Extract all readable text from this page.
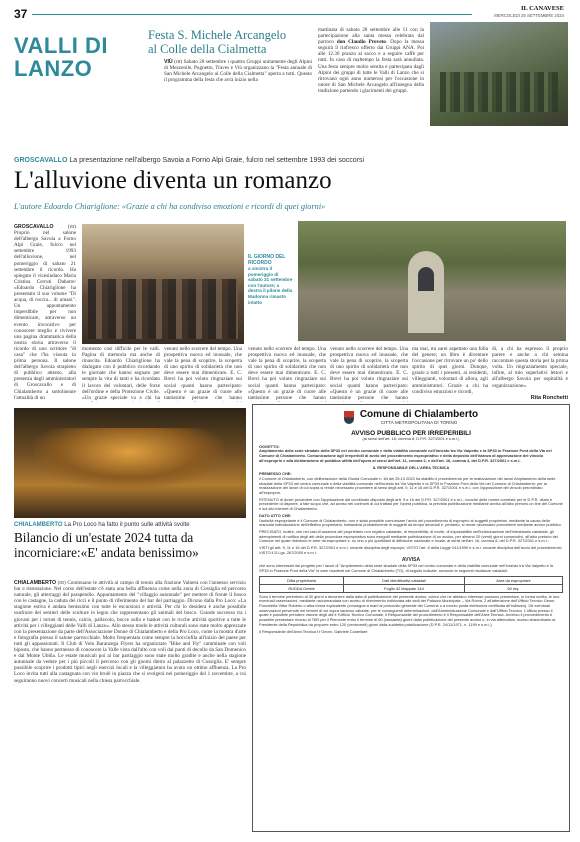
37	IL CANAVESE
MERCOLEDÌ 25 SETTEMBRE 2024
VALLI DI LANZO
Festa S. Michele Arcangelo
al Colle della Cialmetta
VIÙ (rtt) Sabato 28 settembre i quattro Gruppi unitamente degli Alpini di Mezzenile, Pugnetto, Traves e Viù organizzano la "Festa annuale di San Michele Arcangelo al Colle della Cialmetta" aperta a tutti. Questo il programma della festa che avrà inizio nella
mattinata di sabato 28 settembre alle 11 con la partecipazione alla santa messa celebrata dal parroco don Claudio Proveto. Dopo la messa seguirà il rinfresco offerto dai Gruppi ANA. Poi alle 12.30 pranzo al sacco e a seguire caffè per tutti. In caso di maltempo la festa sarà annullata. Una festa sempre molto sentita e partecipata dagli Alpini dei gruppi di tutte le Valli di Lanzo che si ritrovano ogni anno numerosi per l'occasione in onore di San Michele Arcangelo all'insegna della tradizione partendo i giacimenti dei gruppi.
GROSCAVALLO La presentazione nell'albergo Savoia a Forno Alpi Graie, fulcro nel settembre 1993 dei soccorsi
L'alluvione diventa un romanzo
L'autore Edoardo Chiariglione: «Grazie a chi ha condiviso emozioni e ricordi di quei giorni»
GROSCAVALLO	(rtt) Proprio nel salone dell'albergo Savoia a Forno Alpi Graie, fulcro nel settembre 1993 dell'alluvione, nel pomeriggio di sabato 21 settembre il ricordo. Ha spiegato il vicesindaco Maria Cristina Cerruti Dabarre: «Edoardo Chiariglione ha presentato il suo volume "Di acqua, di roccia... di umani". Un appuntamento imperdibile per non dimenticare, attraverso un evento invocativo per conoscere meglio e rivivere una pagina drammatica della nostra storia attraverso il ricordo di uno scrittore "di casa" che l'ha vissuta in prima persona. Il salone dell'albergo Savoia strapieno di pubblico attento, alla presenza degli amministratori di Groscavallo e di Chialamberto a sottolineare l'attualità di un
momento così difficile per le valli. Pagina di memoria ma anche di rinascita. Edoardo Chiariglione ha dialogato con il pubblico ricordando le giornate che hanno segnato per sempre la vita di tanti e ha ricordato il lavoro dei volontari, delle forze dell'ordine e della Protezione Civile. «Un grazie speciale va a chi ha
venuto nello scorrere del tempo. Una prospettiva nuova ed inusuale, che vale la pena di scoprire, la scoperta di uno spirito di solidarietà che non deve essere mai dimenticato. E. C. Brevi ha poi voluto ringraziare sui social quanti hanno partecipato: «Questo è un grazie di cuore alle tantissime persone che hanno
IL GIORNO DEL RICORDO
a sinistra il pomeriggio di sabato 21 settembre con l'autore; a destra il pilone della Madonna rimasto intatto
venuto nello scorrere del tempo. Una prospettiva nuova ed inusuale, che vale la pena di scoprire, la scoperta di uno spirito di solidarietà che non deve essere mai dimenticato. E. C. Brevi ha poi voluto ringraziare sui social quanti hanno partecipato: «Questo è un grazie di cuore alle tantissime persone che hanno
venuto nello scorrere del tempo. Una prospettiva nuova ed inusuale, che vale la pena di scoprire, la scoperta di uno spirito di solidarietà che non deve essere mai dimenticato. E. C. Brevi ha poi voluto ringraziare sui social quanti hanno partecipato: «Questo è un grazie di cuore alle tantissime persone che hanno
ma mai, mi sarei aspettato una folla del genere; un libro è diventare l'occasione per ritrovare un po' dello spirito di quei giorni. Dunque, grazie a tutti i presenti, ai residenti, villeggianti, volontari di allora, agli amministratori. Grazie a chi ha condiviso emozioni e ricordi,
di, a chi ha espresso il proprio parere e anche a chi semina raccontare questa storia per la prima volta. Un ringraziamento speciale, infine, al mio superlativi lettori e all'albergo Savoia per ospitalità e organizzazione».
Rita Ronchetti
CHIALAMBERTO La Pro Loco ha fatto il punto sulle attività svolte
Bilancio di un'estate 2024 tutta da incorniciare:«E' andata benissimo»
CHIALAMBERTO (rtt) Continuano le attività al campo di tennis alla frazione Valnera con l'annesso servizio bar e ristorazione. Nel corso dell'estate c'è stata una bella affluenza come nella zona di Cossiglia ed percorso naturale, gli atterraggi del parapendio. Appuntamento del "villaggio autunnale" per mettere di fronte il bosco con le castagne, la caduta dei ricci e il punto di riferimento del bar del partiaggio. Dicono dalla Pro Loco: «La stagione estiva è andata benissimo con tutte le escursioni e attività. Per chi lo desidera è anche possibile usufruire dei sentieri delle sculture in legno che rappresentano gli animali del bosco. Grande successo tra i giovani per i tornei di tennis, calcio, pallavolo, bocce sullo e basket con le ricche attività sportive a tutte le attività per i villeggianti delle Valli di Lanzo». Allo stesso modo le attività culturali sono state molto apprezzate con la presentazione da parte dell'Associazione Donne di Chialamberto e della Pro Loco, come la mostra d'arte e fotografia presso il salone parrocchiale. Molto frequentata come sempre la bocciofila all'inizio del paese per tutti gli appassionati. Il Club di Volo Baranzega Flyers ha organizzato "Bike and Fly" camminate con voli biposto, che hanno permesso di conoscere la Valle vista dall'alto con voli dai punti di decollo da San Domenico e dal Monte Ubiña. Le estate musicali poi al bar partiaggio sono state molto gradite e anche nella stagione autunnale da vedere per i più piccoli il percorso con gli gnomi dietro al palazzetto di Cossiglia. E' sempre possibile scoprire i prodotti tipici negli esercizi locali e la villeggiatura ha avuto un ottimo affluenza. La Pro Loco invita tutti alla castagnata con vin brulè in piazza che si svolgerà nei pomeriggio del 1 novembre, a cui seguiranno nuovi concerti musicali nella chiesa parrocchiale.
Comune di Chialamberto
CITTÀ METROPOLITANA DI TORINO
AVVISO PUBBLICO PER IRREPERIBILI
(ai sensi dell'art. 16, comma 8, D.P.R. 327/2001 e s.m.i.)
OGGETTO:
Ampliamento della sede stradale della SP33 nel centro comunale e della viabilità comunale nell'innesto tra Via Valpetto e la SP33 in Frazione Pont della Via nel Comune di Chialamberto. Comunicazione agli irreperibili di avvio del procedimento espropriativo e della deposito dell'istanza di approvazione del vincolo all'esproprio e alla dichiarazione di pubblica utilità dell'opera ai sensi dell'art. 11, comma 2, e dell'art. 16, comma 4, del D.P.R. 327/2001 e s.m.i.
IL RESPONSABILE DELL'AREA TECNICA
PREMESSO CHE:
il Comune di Chialamberto, con deliberazione della Giunta Comunale n. 64 del 25.10.2023 ha stabilito il procedimento per la realizzazione dei lavori Ampliamento della sede stradale della SP33 nel centro comunale e della viabilità comunale nell'innesto tra Via Valpetto e la SP33 in Frazione Pont della Via nel Comune di Chialamberto; per la realizzazione dei lavori di cui sopra si rende necessario procedere ai sensi degli artt. 9, 11 e 16 del D.P.R. 327/2001 e s.m.i. con l'apposizione del vincolo preordinato all'esproprio.
RITENUTO di dover procedere con l'applicazione del combinato disposto degli artt. 9 e 16 del D.P.R. 327/2001 e s.m.i., nonché delle norme correlate per le D.P.R. citato e precedente di disporre, a tale scopo che, ad avviso nei confronti di cui trattasi per l'opera pubblica, la prevista pubblicazione mediante avviso all'albo pretorio on line del Comune e sul sito internet di Chialamberto.
DATO ATTO CHE:
l'autorità espropriante è il Comune di Chialamberto; non è stato possibile comunicare l'avvio del procedimento di esproprio ai soggetti proprietari, mediante la causa della mancata individuazione dell'effettivo proprietario, trattandosi probabilmente di soggetti da tempo deceduti e, pertanto, si rende necessario provvedere mediante avviso pubblico.
PRECISATO, inoltre, che nei casi di assenza del proprietario non registro catastale, di irreperibilità, di morte, di impossibilità nell'individuazione dell'intestatario catastale, gli adempimenti di notifica degli atti della procedura espropriativa sono eseguiti mediante pubblicazione di un avviso, per almeno 20 (venti) giorni consecutivi, all'albo pretorio del Comune nel quale risiedono le aree da espropriare e, su uno o più quotidiani di diffusione nazionale e locale, ai sensi dell'art. 16, comma 8, del D.P.R. 327/2001 e s.m.i.;
VISTI gli artt. 9, 11 e 16 del D.P.R. 327/2001 e s.m.i. recante disciplina degli espropri; VISTO l'art. 8 della Legge 241/1990 e s.m.i. recante disciplina dell'avvio del procedimento; VISTO il D.Lgs. 267/2000 e s.m.i.
AVVISA
che sono interessati dal progetto per i lavori di "Ampliamento della sede stradale della SP33 nel centro comunale e della viabilità comunale nell'innesto tra Via Valpetto e la SP33 in Frazione Pont della Via" le aree ricadenti nel Comune di Chialamberto (TO), di seguito indicate, secondo le seguenti risultanze catastali:
Ditta proprietaria	Dati identificativi catastali	Area da espropriare
RUDDA Oreste	Foglio 42 Mappale 144	60 mq.
Sono il termine perentorio di 30 giorni a decorrere dalla data di pubblicazione del presente avviso, coloro che ne abbiano interesse possono presentare, in forma scritta, le loro eventuali osservazioni, mediante raccomandata con avviso di ricevimento indirizzata alle sedi del Palazzo Municipale – Via Roma, 2 all'attenzione dell'Ufficio Tecnico Geom. Ponchietta Vittor Roberto o altra forma equivalente (consegna a mani al protocollo generale del Comune o a mezzo posta elettronica certificata all'indirizzo). Gli eventuali osservazioni pervenute nei termini di cui sopra saranno valutate, per le conseguenti determinazioni, dall'Amministrazione Comunale e dall'Ufficio Tecnico. L'ufficio presso il quale è possibile prendere visione degli atti è l'Ufficio Tecnico Comunale, il Responsabile del procedimento è il Responsabile dell'Area Tecnica. Avverso il provvedimento è possibile presentare ricorso al TAR per il Piemonte entro il termine di 60 (sessanta) giorni dalla pubblicazione del presente avviso o, in via alternativa, ricorso straordinario al Presidente della Repubblica da proporre entro 120 (centoventi) giorni dalla suddetta pubblicazione (D.P.R. 24/11/1971, n. 1199 e s.m.i.).
Il Responsabile dell'Area Tecnica f.f Geom. Gabriele Costellare
